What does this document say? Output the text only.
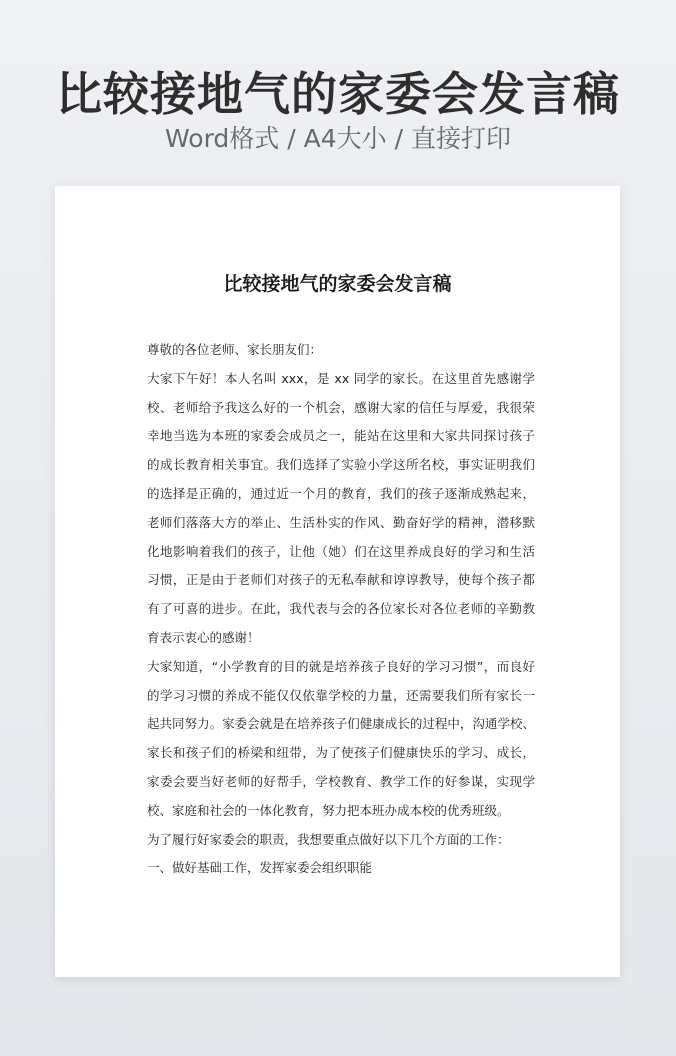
比较接地气的家委会发言稿
Word格式 / A4大小 / 直接打印
比较接地气的家委会发言稿
尊敬的各位老师、家长朋友们：
大家下午好！本人名叫 xxx，是 xx 同学的家长。在这里首先感谢学
校、老师给予我这么好的一个机会，感谢大家的信任与厚爱，我很荣
幸地当选为本班的家委会成员之一，能站在这里和大家共同探讨孩子
的成长教育相关事宜。我们选择了实验小学这所名校，事实证明我们
的选择是正确的，通过近一个月的教育，我们的孩子逐渐成熟起来，
老师们落落大方的举止、生活朴实的作风、勤奋好学的精神，潜移默
化地影响着我们的孩子，让他（她）们在这里养成良好的学习和生活
习惯，正是由于老师们对孩子的无私奉献和谆谆教导，使每个孩子都
有了可喜的进步。在此，我代表与会的各位家长对各位老师的辛勤教
育表示衷心的感谢！
大家知道，“小学教育的目的就是培养孩子良好的学习习惯”，而良好
的学习习惯的养成不能仅仅依靠学校的力量，还需要我们所有家长一
起共同努力。家委会就是在培养孩子们健康成长的过程中，沟通学校、
家长和孩子们的桥梁和纽带，为了使孩子们健康快乐的学习、成长，
家委会要当好老师的好帮手，学校教育、教学工作的好参谋，实现学
校、家庭和社会的一体化教育，努力把本班办成本校的优秀班级。
为了履行好家委会的职责，我想要重点做好以下几个方面的工作：
一、做好基础工作，发挥家委会组织职能
